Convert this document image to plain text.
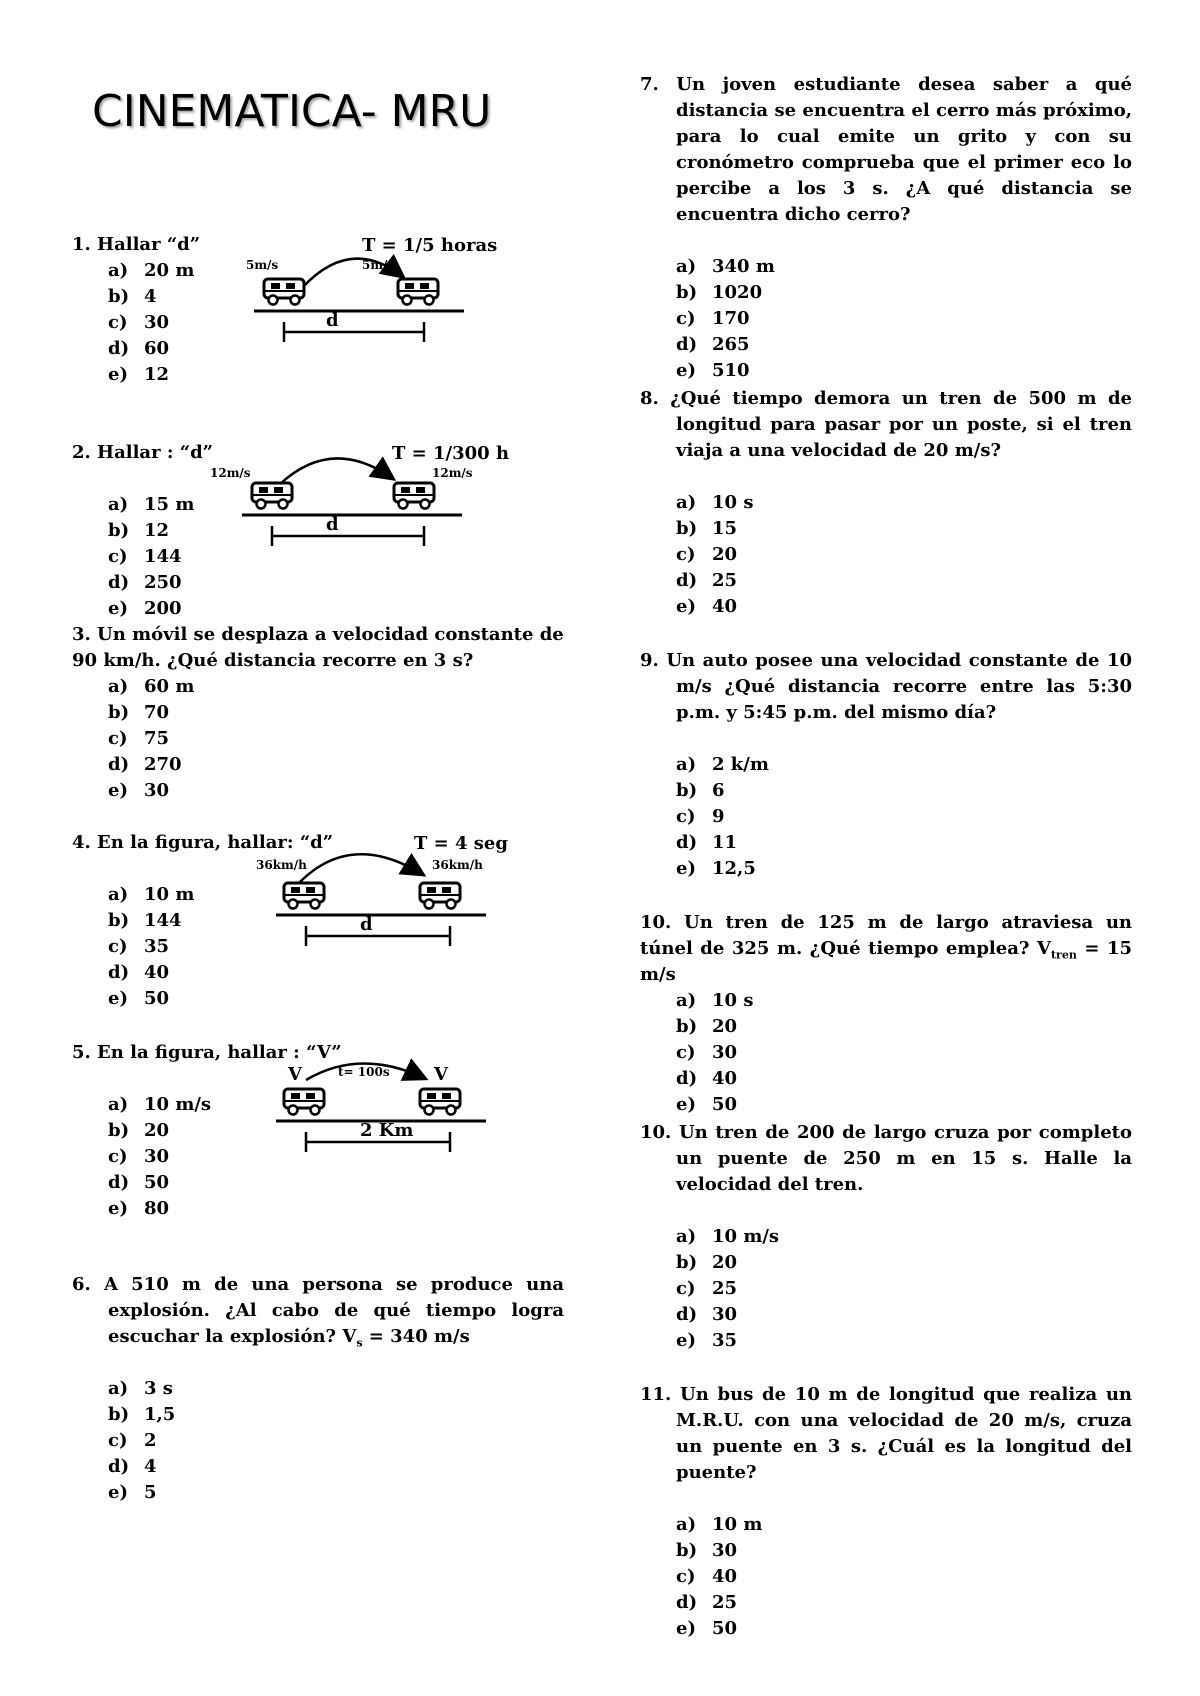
CINEMATICA- MRU
1. Hallar “d”
a) 20 m
b) 4
c) 30
d) 60
e) 12
T = 1/5 horas
5m/s	5m/s
d
2. Hallar : “d”
a) 15 m
b) 12
c) 144
d) 250
e) 200
T = 1/300 h
12m/s	12m/s
d
3. Un móvil se desplaza a velocidad constante de 90 km/h. ¿Qué distancia recorre en 3 s?
a) 60 m
b) 70
c) 75
d) 270
e) 30
4. En la figura, hallar: “d”
a) 10 m
b) 144
c) 35
d) 40
e) 50
T = 4 seg
36km/h	36km/h
d
5. En la figura, hallar : “V”
a) 10 m/s
b) 20
c) 30
d) 50
e) 80
V	V
t= 100s
2 Km
6. A 510 m de una persona se produce una explosión. ¿Al cabo de qué tiempo logra escuchar la explosión? $V_s = 340$ m/s
a) 3 s
b) 1,5
c) 2
d) 4
e) 5
7. Un joven estudiante desea saber a qué distancia se encuentra el cerro más próximo, para lo cual emite un grito y con su cronómetro comprueba que el primer eco lo percibe a los 3 s. ¿A qué distancia se encuentra dicho cerro?
a) 340 m
b) 1020
c) 170
d) 265
e) 510
8. ¿Qué tiempo demora un tren de 500 m de longitud para pasar por un poste, si el tren viaja a una velocidad de 20 m/s?
a) 10 s
b) 15
c) 20
d) 25
e) 40
9. Un auto posee una velocidad constante de 10 m/s ¿Qué distancia recorre entre las 5:30 p.m. y 5:45 p.m. del mismo día?
a) 2 k/m
b) 6
c) 9
d) 11
e) 12,5
10. Un tren de 125 m de largo atraviesa un túnel de 325 m. ¿Qué tiempo emplea? $V_{tren} = 15$ m/s
a) 10 s
b) 20
c) 30
d) 40
e) 50
10. Un tren de 200 de largo cruza por completo un puente de 250 m en 15 s. Halle la velocidad del tren.
a) 10 m/s
b) 20
c) 25
d) 30
e) 35
11. Un bus de 10 m de longitud que realiza un M.R.U. con una velocidad de 20 m/s, cruza un puente en 3 s. ¿Cuál es la longitud del puente?
a) 10 m
b) 30
c) 40
d) 25
e) 50
